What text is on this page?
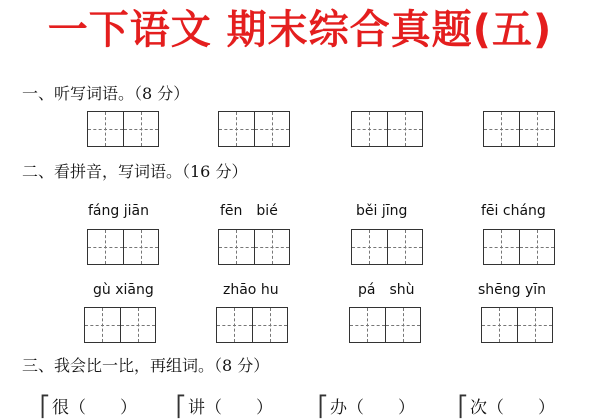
一下语文 期末综合真题(五)
一、听写词语。（8 分）
二、看拼音，写词语。（16 分）
fáng jiān	fēn　bié	běi jīng	fēi cháng
gù xiāng	zhāo hu	pá　shù	shēng yīn
三、我会比一比，再组词。（8 分）
⎡ 很（　　） ⎡ 讲（　　） ⎡ 办（　　） ⎡ 次（　　）
